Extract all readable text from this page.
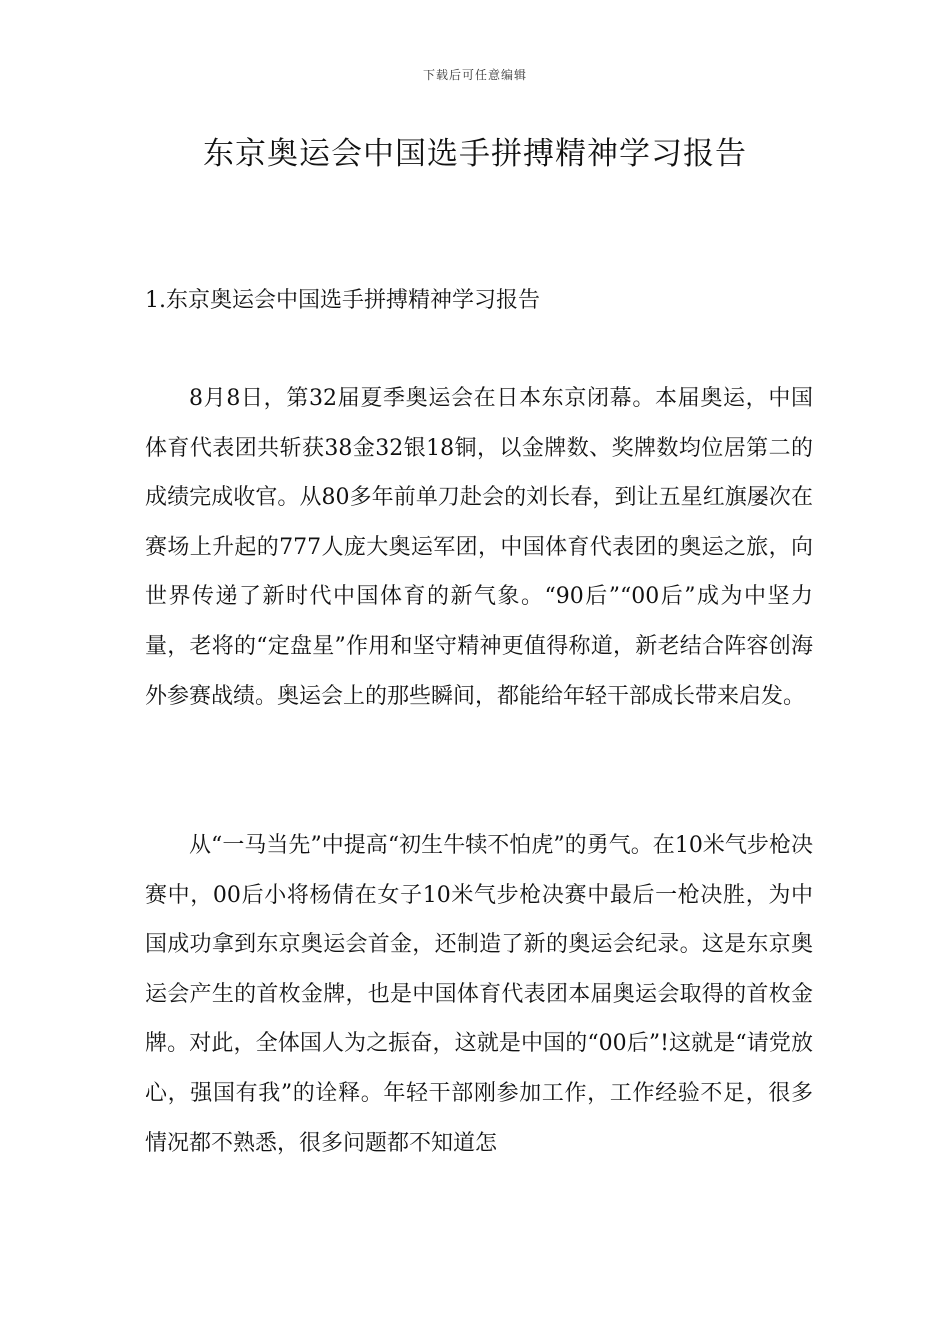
下载后可任意编辑
东京奥运会中国选手拼搏精神学习报告
1.东京奥运会中国选手拼搏精神学习报告

8月8日，第32届夏季奥运会在日本东京闭幕。本届奥运，中国体育代表团共斩获38金32银18铜，以金牌数、奖牌数均位居第二的成绩完成收官。从80多年前单刀赴会的刘长春，到让五星红旗屡次在赛场上升起的777人庞大奥运军团，中国体育代表团的奥运之旅，向世界传递了新时代中国体育的新气象。“90后”“00后”成为中坚力量，老将的“定盘星”作用和坚守精神更值得称道，新老结合阵容创海外参赛战绩。奥运会上的那些瞬间，都能给年轻干部成长带来启发。

从“一马当先”中提高“初生牛犊不怕虎”的勇气。在10米气步枪决赛中，00后小将杨倩在女子10米气步枪决赛中最后一枪决胜，为中国成功拿到东京奥运会首金，还制造了新的奥运会纪录。这是东京奥运会产生的首枚金牌，也是中国体育代表团本届奥运会取得的首枚金牌。对此，全体国人为之振奋，这就是中国的“00后”!这就是“请党放心，强国有我”的诠释。年轻干部刚参加工作，工作经验不足，很多情况都不熟悉，很多问题都不知道怎
